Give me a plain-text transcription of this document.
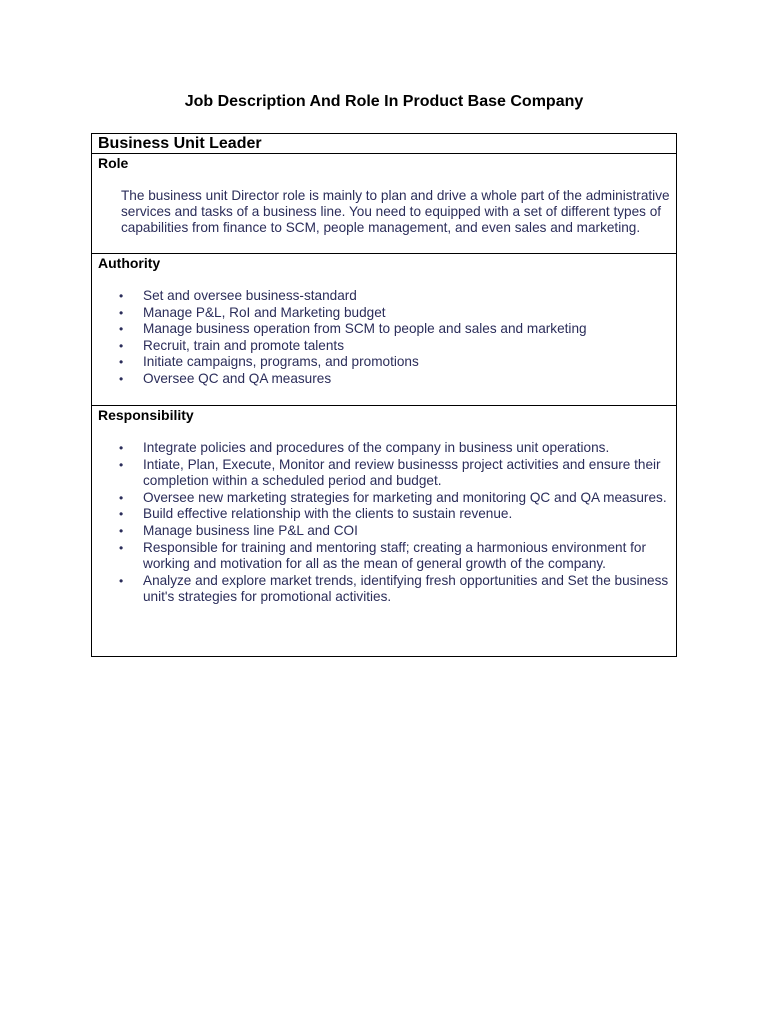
Job Description And Role In Product Base Company
Business Unit Leader
Role
The business unit Director role is mainly to plan and drive a whole part of the administrative services and tasks of a business line. You need to equipped with a set of different types of capabilities from finance to SCM, people management, and even sales and marketing.
Authority
• Set and oversee business-standard
• Manage P&L, RoI and Marketing budget
• Manage business operation from SCM to people and sales and marketing
• Recruit, train and promote talents
• Initiate campaigns, programs, and promotions
• Oversee QC and QA measures
Responsibility
• Integrate policies and procedures of the company in business unit operations.
• Intiate, Plan, Execute, Monitor and review businesss project activities and ensure their completion within a scheduled period and budget.
• Oversee new marketing strategies for marketing and monitoring QC and QA measures.
• Build effective relationship with the clients to sustain revenue.
• Manage business line P&L and COI
• Responsible for training and mentoring staff; creating a harmonious environment for working and motivation for all as the mean of general growth of the company.
• Analyze and explore market trends, identifying fresh opportunities and Set the business unit's strategies for promotional activities.
